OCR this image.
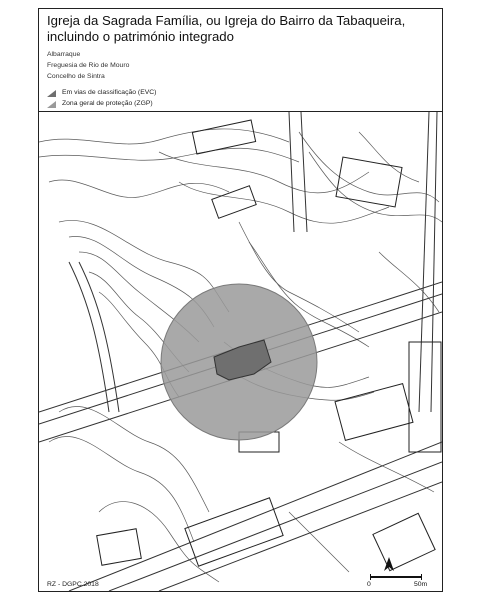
Igreja da Sagrada Família, ou Igreja do Bairro da Tabaqueira, incluindo o património integrado
Albarraque
Freguesia de Rio de Mouro
Concelho de Sintra
Em vias de classificação (EVC)
Zona geral de proteção (ZGP)
RZ - DGPC 2018	0	50m
